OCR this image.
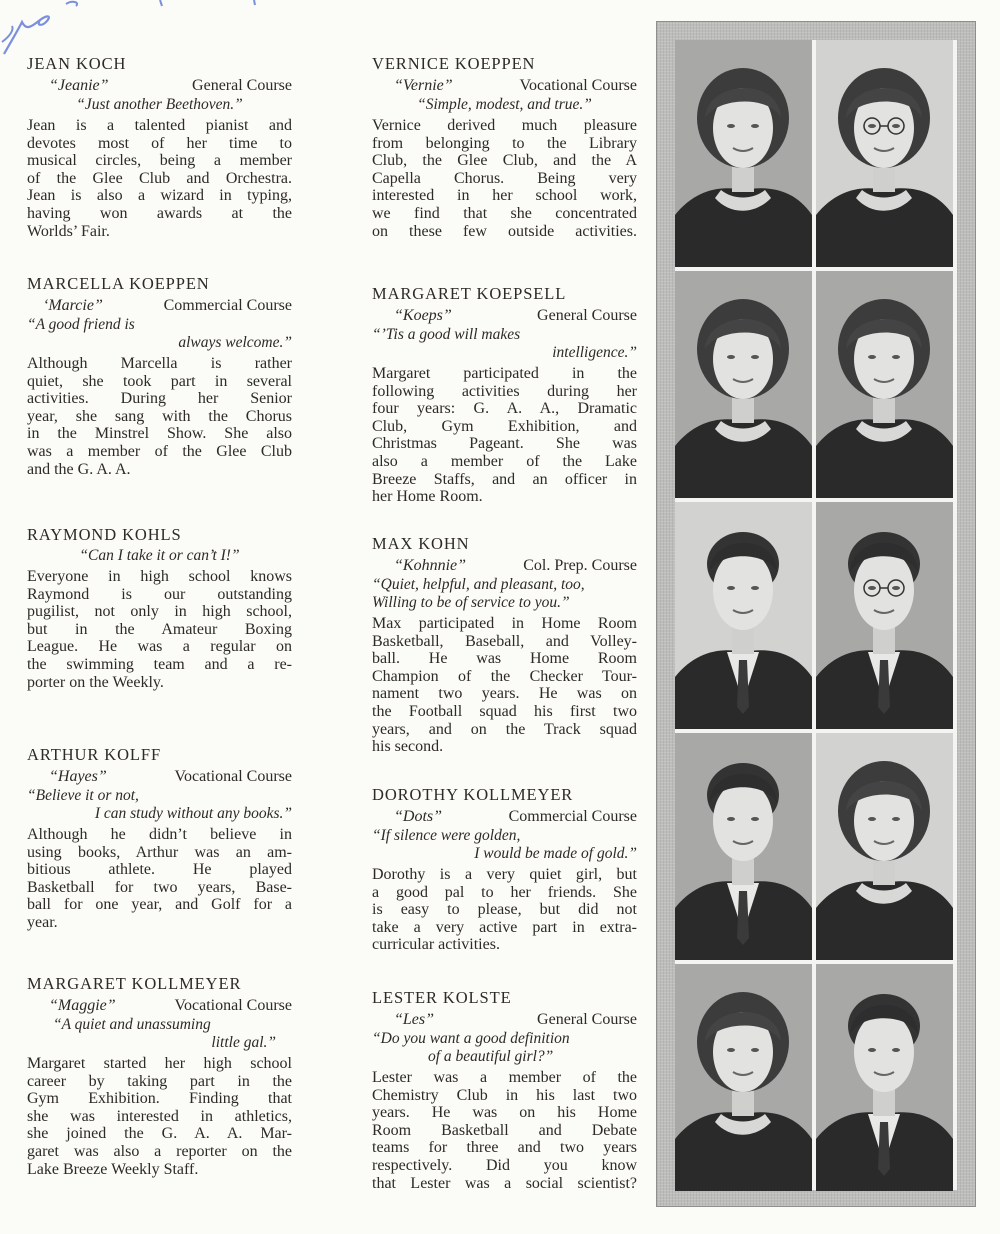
JEAN KOCH
“Jeanie”	General Course
“Just another Beethoven.”
Jean is a talented pianist and
devotes most of her time to
musical circles, being a member
of the Glee Club and Orchestra.
Jean is also a wizard in typing,
having won awards at the
Worlds’ Fair.
MARCELLA KOEPPEN
‘Marcie”	Commercial Course
“A good friend is
always welcome.”
Although Marcella is rather
quiet, she took part in several
activities. During her Senior
year, she sang with the Chorus
in the Minstrel Show. She also
was a member of the Glee Club
and the G. A. A.
RAYMOND KOHLS
“Can I take it or can’t I!”
Everyone in high school knows
Raymond is our outstanding
pugilist, not only in high school,
but in the Amateur Boxing
League. He was a regular on
the swimming team and a re-
porter on the Weekly.
ARTHUR KOLFF
“Hayes”	Vocational Course
“Believe it or not,
I can study without any books.”
Although he didn’t believe in
using books, Arthur was an am-
bitious athlete. He played
Basketball for two years, Base-
ball for one year, and Golf for a
year.
MARGARET KOLLMEYER
“Maggie”	Vocational Course
“A quiet and unassuming
little gal.”
Margaret started her high school
career by taking part in the
Gym Exhibition. Finding that
she was interested in athletics,
she joined the G. A. A. Mar-
garet was also a reporter on the
Lake Breeze Weekly Staff.
VERNICE KOEPPEN
“Vernie”	Vocational Course
“Simple, modest, and true.”
Vernice derived much pleasure
from belonging to the Library
Club, the Glee Club, and the A
Capella Chorus. Being very
interested in her school work,
we find that she concentrated
on these few outside activities.
MARGARET KOEPSELL
“Koeps”	General Course
“’Tis a good will makes
intelligence.”
Margaret participated in the
following activities during her
four years: G. A. A., Dramatic
Club, Gym Exhibition, and
Christmas Pageant. She was
also a member of the Lake
Breeze Staffs, and an officer in
her Home Room.
MAX KOHN
“Kohnnie”	Col. Prep. Course
“Quiet, helpful, and pleasant, too,
Willing to be of service to you.”
Max participated in Home Room
Basketball, Baseball, and Volley-
ball. He was Home Room
Champion of the Checker Tour-
nament two years. He was on
the Football squad his first two
years, and on the Track squad
his second.
DOROTHY KOLLMEYER
“Dots”	Commercial Course
“If silence were golden,
I would be made of gold.”
Dorothy is a very quiet girl, but
a good pal to her friends. She
is easy to please, but did not
take a very active part in extra-
curricular activities.
LESTER KOLSTE
“Les”	General Course
“Do you want a good definition
of a beautiful girl?”
Lester was a member of the
Chemistry Club in his last two
years. He was on his Home
Room Basketball and Debate
teams for three and two years
respectively. Did you know
that Lester was a social scientist?
